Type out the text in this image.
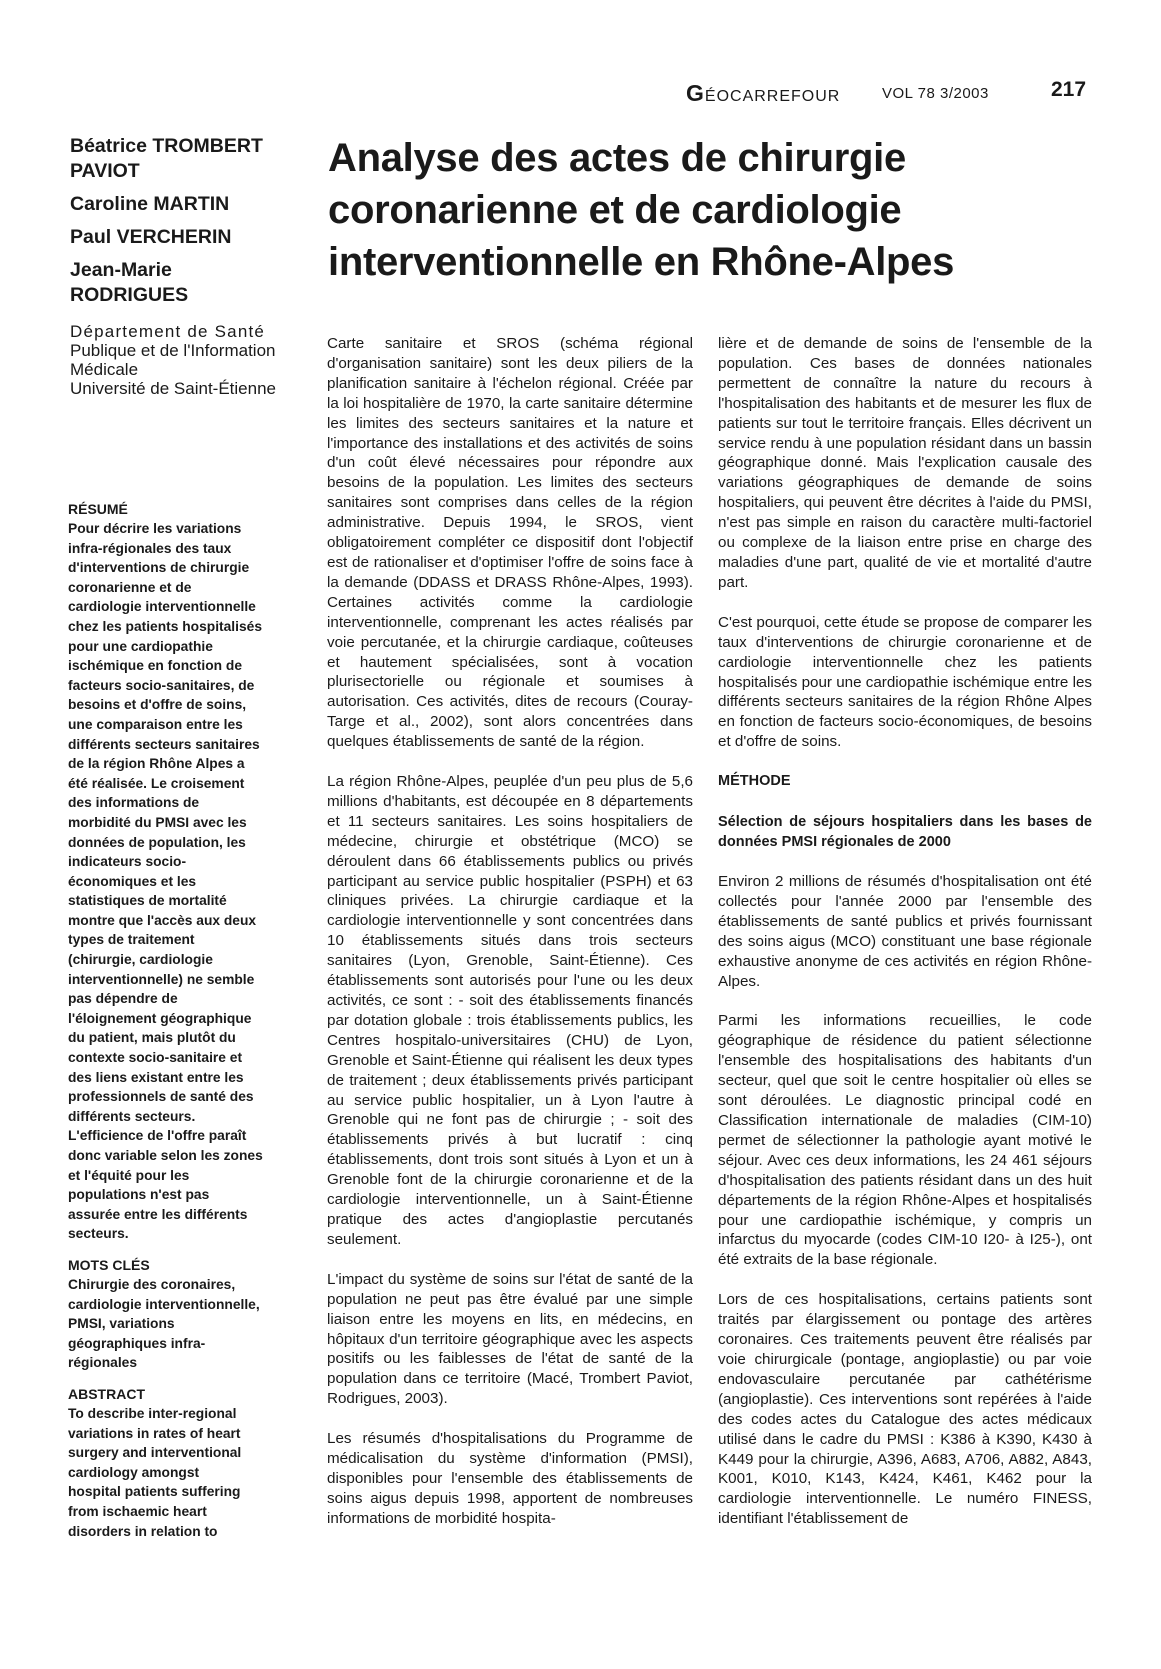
GÉOCARREFOUR	VOL 78 3/2003	217
Béatrice TROMBERT PAVIOT
Caroline MARTIN
Paul VERCHERIN
Jean-Marie RODRIGUES
Département de Santé
Publique et de l'Information
Médicale
Université de Saint-Étienne
Analyse des actes de chirurgie
coronarienne et de cardiologie
interventionnelle en Rhône-Alpes
RÉSUMÉ

Pour décrire les variations
infra-régionales des taux
d'interventions de chirurgie
coronarienne et de
cardiologie interventionnelle
chez les patients hospitalisés
pour une cardiopathie
ischémique en fonction de
facteurs socio-sanitaires, de
besoins et d'offre de soins,
une comparaison entre les
différents secteurs sanitaires
de la région Rhône Alpes a
été réalisée. Le croisement
des informations de
morbidité du PMSI avec les
données de population, les
indicateurs socio-
économiques et les
statistiques de mortalité
montre que l'accès aux deux
types de traitement
(chirurgie, cardiologie
interventionnelle) ne semble
pas dépendre de
l'éloignement géographique
du patient, mais plutôt du
contexte socio-sanitaire et
des liens existant entre les
professionnels de santé des
différents secteurs.
L'efficience de l'offre paraît
donc variable selon les zones
et l'équité pour les
populations n'est pas
assurée entre les différents
secteurs.

MOTS CLÉS

Chirurgie des coronaires,
cardiologie interventionnelle,
PMSI, variations
géographiques infra-
régionales

ABSTRACT

To describe inter-regional
variations in rates of heart
surgery and interventional
cardiology amongst
hospital patients suffering
from ischaemic heart
disorders in relation to

Carte sanitaire et SROS (schéma régional d'organisation sanitaire) sont les deux piliers de la planification sanitaire à l'échelon régional. Créée par la loi hospitalière de 1970, la carte sanitaire détermine les limites des secteurs sanitaires et la nature et l'importance des installations et des activités de soins d'un coût élevé nécessaires pour répondre aux besoins de la population. Les limites des secteurs sanitaires sont comprises dans celles de la région administrative. Depuis 1994, le SROS, vient obligatoirement compléter ce dispositif dont l'objectif est de rationaliser et d'optimiser l'offre de soins face à la demande (DDASS et DRASS Rhône-Alpes, 1993). Certaines activités comme la cardiologie interventionnelle, comprenant les actes réalisés par voie percutanée, et la chirurgie cardiaque, coûteuses et hautement spécialisées, sont à vocation plurisectorielle ou régionale et soumises à autorisation. Ces activités, dites de recours (Couray-Targe et al., 2002), sont alors concentrées dans quelques établissements de santé de la région.

La région Rhône-Alpes, peuplée d'un peu plus de 5,6 millions d'habitants, est découpée en 8 départements et 11 secteurs sanitaires. Les soins hospitaliers de médecine, chirurgie et obstétrique (MCO) se déroulent dans 66 établissements publics ou privés participant au service public hospitalier (PSPH) et 63 cliniques privées. La chirurgie cardiaque et la cardiologie interventionnelle y sont concentrées dans 10 établissements situés dans trois secteurs sanitaires (Lyon, Grenoble, Saint-Étienne). Ces établissements sont autorisés pour l'une ou les deux activités, ce sont : - soit des établissements financés par dotation globale : trois établissements publics, les Centres hospitalo-universitaires (CHU) de Lyon, Grenoble et Saint-Étienne qui réalisent les deux types de traitement ; deux établissements privés participant au service public hospitalier, un à Lyon l'autre à Grenoble qui ne font pas de chirurgie ; - soit des établissements privés à but lucratif : cinq établissements, dont trois sont situés à Lyon et un à Grenoble font de la chirurgie coronarienne et de la cardiologie interventionnelle, un à Saint-Étienne pratique des actes d'angioplastie percutanés seulement.

L'impact du système de soins sur l'état de santé de la population ne peut pas être évalué par une simple liaison entre les moyens en lits, en médecins, en hôpitaux d'un territoire géographique avec les aspects positifs ou les faiblesses de l'état de santé de la population dans ce territoire (Macé, Trombert Paviot, Rodrigues, 2003).

Les résumés d'hospitalisations du Programme de médicalisation du système d'information (PMSI), disponibles pour l'ensemble des établissements de soins aigus depuis 1998, apportent de nombreuses informations de morbidité hospita-

lière et de demande de soins de l'ensemble de la population. Ces bases de données nationales permettent de connaître la nature du recours à l'hospitalisation des habitants et de mesurer les flux de patients sur tout le territoire français. Elles décrivent un service rendu à une population résidant dans un bassin géographique donné. Mais l'explication causale des variations géographiques de demande de soins hospitaliers, qui peuvent être décrites à l'aide du PMSI, n'est pas simple en raison du caractère multi-factoriel ou complexe de la liaison entre prise en charge des maladies d'une part, qualité de vie et mortalité d'autre part.

C'est pourquoi, cette étude se propose de comparer les taux d'interventions de chirurgie coronarienne et de cardiologie interventionnelle chez les patients hospitalisés pour une cardiopathie ischémique entre les différents secteurs sanitaires de la région Rhône Alpes en fonction de facteurs socio-économiques, de besoins et d'offre de soins.

MÉTHODE
Sélection de séjours hospitaliers dans les bases de données PMSI régionales de 2000

Environ 2 millions de résumés d'hospitalisation ont été collectés pour l'année 2000 par l'ensemble des établissements de santé publics et privés fournissant des soins aigus (MCO) constituant une base régionale exhaustive anonyme de ces activités en région Rhône-Alpes.

Parmi les informations recueillies, le code géographique de résidence du patient sélectionne l'ensemble des hospitalisations des habitants d'un secteur, quel que soit le centre hospitalier où elles se sont déroulées. Le diagnostic principal codé en Classification internationale de maladies (CIM-10) permet de sélectionner la pathologie ayant motivé le séjour. Avec ces deux informations, les 24 461 séjours d'hospitalisation des patients résidant dans un des huit départements de la région Rhône-Alpes et hospitalisés pour une cardiopathie ischémique, y compris un infarctus du myocarde (codes CIM-10 I20- à I25-), ont été extraits de la base régionale.

Lors de ces hospitalisations, certains patients sont traités par élargissement ou pontage des artères coronaires. Ces traitements peuvent être réalisés par voie chirurgicale (pontage, angioplastie) ou par voie endovasculaire percutanée par cathétérisme (angioplastie). Ces interventions sont repérées à l'aide des codes actes du Catalogue des actes médicaux utilisé dans le cadre du PMSI : K386 à K390, K430 à K449 pour la chirurgie, A396, A683, A706, A882, A843, K001, K010, K143, K424, K461, K462 pour la cardiologie interventionnelle. Le numéro FINESS, identifiant l'établissement de
